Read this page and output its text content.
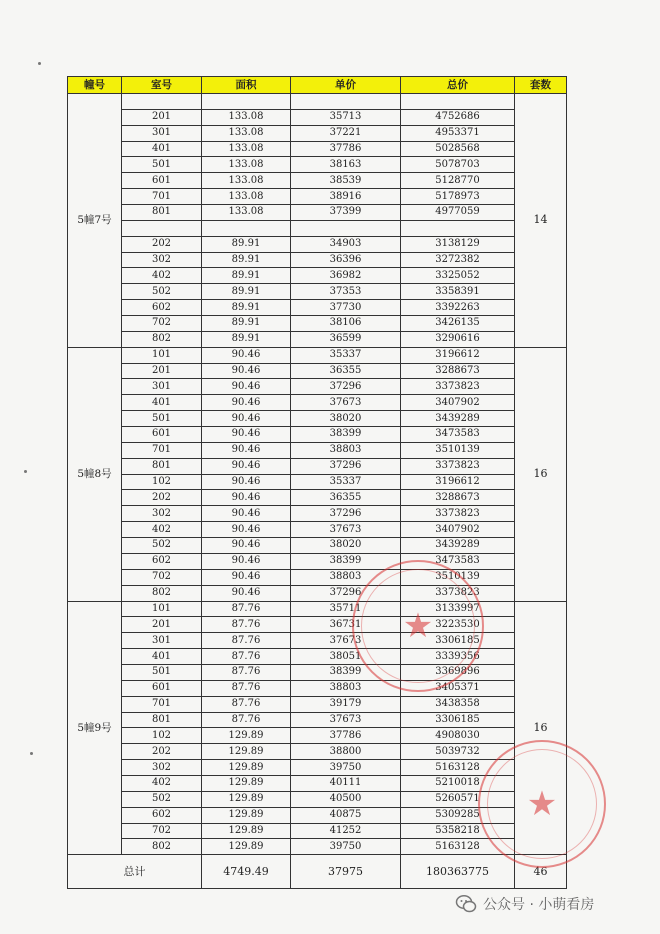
幢号	室号	面积	单价	总价	套数
5幢7号					14
	201	133.08	35713	4752686	
	301	133.08	37221	4953371	
	401	133.08	37786	5028568	
	501	133.08	38163	5078703	
	601	133.08	38539	5128770	
	701	133.08	38916	5178973	
	801	133.08	37399	4977059	

	202	89.91	34903	3138129	
	302	89.91	36396	3272382	
	402	89.91	36982	3325052	
	502	89.91	37353	3358391	
	602	89.91	37730	3392263	
	702	89.91	38106	3426135	
	802	89.91	36599	3290616	
5幢8号	101	90.46	35337	3196612	16
	201	90.46	36355	3288673	
	301	90.46	37296	3373823	
	401	90.46	37673	3407902	
	501	90.46	38020	3439289	
	601	90.46	38399	3473583	
	701	90.46	38803	3510139	
	801	90.46	37296	3373823	
	102	90.46	35337	3196612	
	202	90.46	36355	3288673	
	302	90.46	37296	3373823	
	402	90.46	37673	3407902	
	502	90.46	38020	3439289	
	602	90.46	38399	3473583	
	702	90.46	38803	3510139	
	802	90.46	37296	3373823	
5幢9号	101	87.76	35711	3133997	16
	201	87.76	36731	3223530	
	301	87.76	37673	3306185	
	401	87.76	38051	3339356	
	501	87.76	38399	3369896	
	601	87.76	38803	3405371	
	701	87.76	39179	3438358	
	801	87.76	37673	3306185	
	102	129.89	37786	4908030	
	202	129.89	38800	5039732	
	302	129.89	39750	5163128	
	402	129.89	40111	5210018	
	502	129.89	40500	5260571	
	602	129.89	40875	5309285	
	702	129.89	41252	5358218	
	802	129.89	39750	5163128	
总计		4749.49	37975	180363775	46
★
★
公众号 · 小萌看房
